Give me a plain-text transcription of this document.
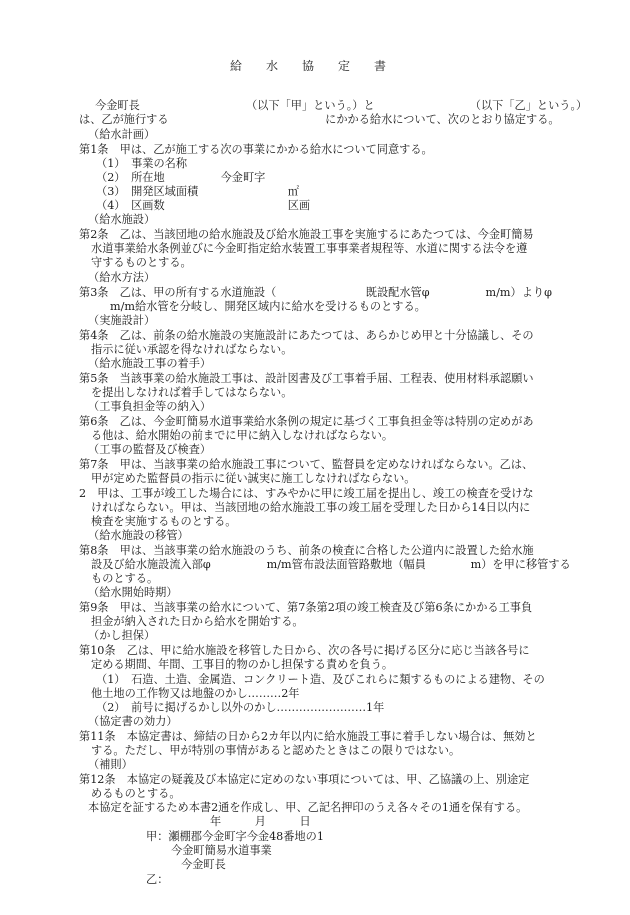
給　　水　　協　　定　　書
今金町長　　　　　　　　　　（以下「甲」という。）と　　　　　　　　　（以下「乙」という。）
は、乙が施行する　　　　　　　　　　　　　　にかかる給水について、次のとおり協定する。
（給水計画）
第1条　甲は、乙が施工する次の事業にかかる給水について同意する。
（1）　事業の名称
（2）　所在地　　　　　今金町字
（3）　開発区域面積　　　　　　　　㎡
（4）　区画数　　　　　　　　　　　区画
（給水施設）
第2条　乙は、当該団地の給水施設及び給水施設工事を実施するにあたつては、今金町簡易
水道事業給水条例並びに今金町指定給水装置工事事業者規程等、水道に関する法令を遵
守するものとする。
（給水方法）
第3条　乙は、甲の所有する水道施設（　　　　　　　　既設配水管φ　　　　　m/m）よりφ
m/m給水管を分岐し、開発区域内に給水を受けるものとする。
（実施設計）
第4条　乙は、前条の給水施設の実施設計にあたつては、あらかじめ甲と十分協議し、その
指示に従い承認を得なければならない。
（給水施設工事の着手）
第5条　当該事業の給水施設工事は、設計図書及び工事着手届、工程表、使用材料承認願い
を提出しなければ着手してはならない。
（工事負担金等の納入）
第6条　乙は、今金町簡易水道事業給水条例の規定に基づく工事負担金等は特別の定めがあ
る他は、給水開始の前までに甲に納入しなければならない。
（工事の監督及び検査）
第7条　甲は、当該事業の給水施設工事について、監督員を定めなければならない。乙は、
甲が定めた監督員の指示に従い誠実に施工しなければならない。
2　甲は、工事が竣工した場合には、すみやかに甲に竣工届を提出し、竣工の検査を受けな
ければならない。甲は、当該団地の給水施設工事の竣工届を受理した日から14日以内に
検査を実施するものとする。
（給水施設の移管）
第8条　甲は、当該事業の給水施設のうち、前条の検査に合格した公道内に設置した給水施
設及び給水施設流入部φ　　　　　m/m管布設法面管路敷地（幅員　　　　m）を甲に移管する
ものとする。
（給水開始時期）
第9条　甲は、当該事業の給水について、第7条第2項の竣工検査及び第6条にかかる工事負
担金が納入された日から給水を開始する。
（かし担保）
第10条　乙は、甲に給水施設を移管した日から、次の各号に掲げる区分に応じ当該各号に
定める期間、年間、工事目的物のかし担保する責めを負う。
（1）　石造、土造、金属造、コンクリート造、及びこれらに類するものによる建物、その
他土地の工作物又は地盤のかし………2年
（2）　前号に掲げるかし以外のかし……………………1年
（協定書の効力）
第11条　本協定書は、締結の日から2カ年以内に給水施設工事に着手しない場合は、無効と
する。ただし、甲が特別の事情があると認めたときはこの限りではない。
（補則）
第12条　本協定の疑義及び本協定に定めのない事項については、甲、乙協議の上、別途定
めるものとする。
本協定を証するため本書2通を作成し、甲、乙記名押印のうえ各々その1通を保有する。
年　　　月　　　日
甲：瀬棚郡今金町字今金48番地の1
今金町簡易水道事業
今金町長
乙：
